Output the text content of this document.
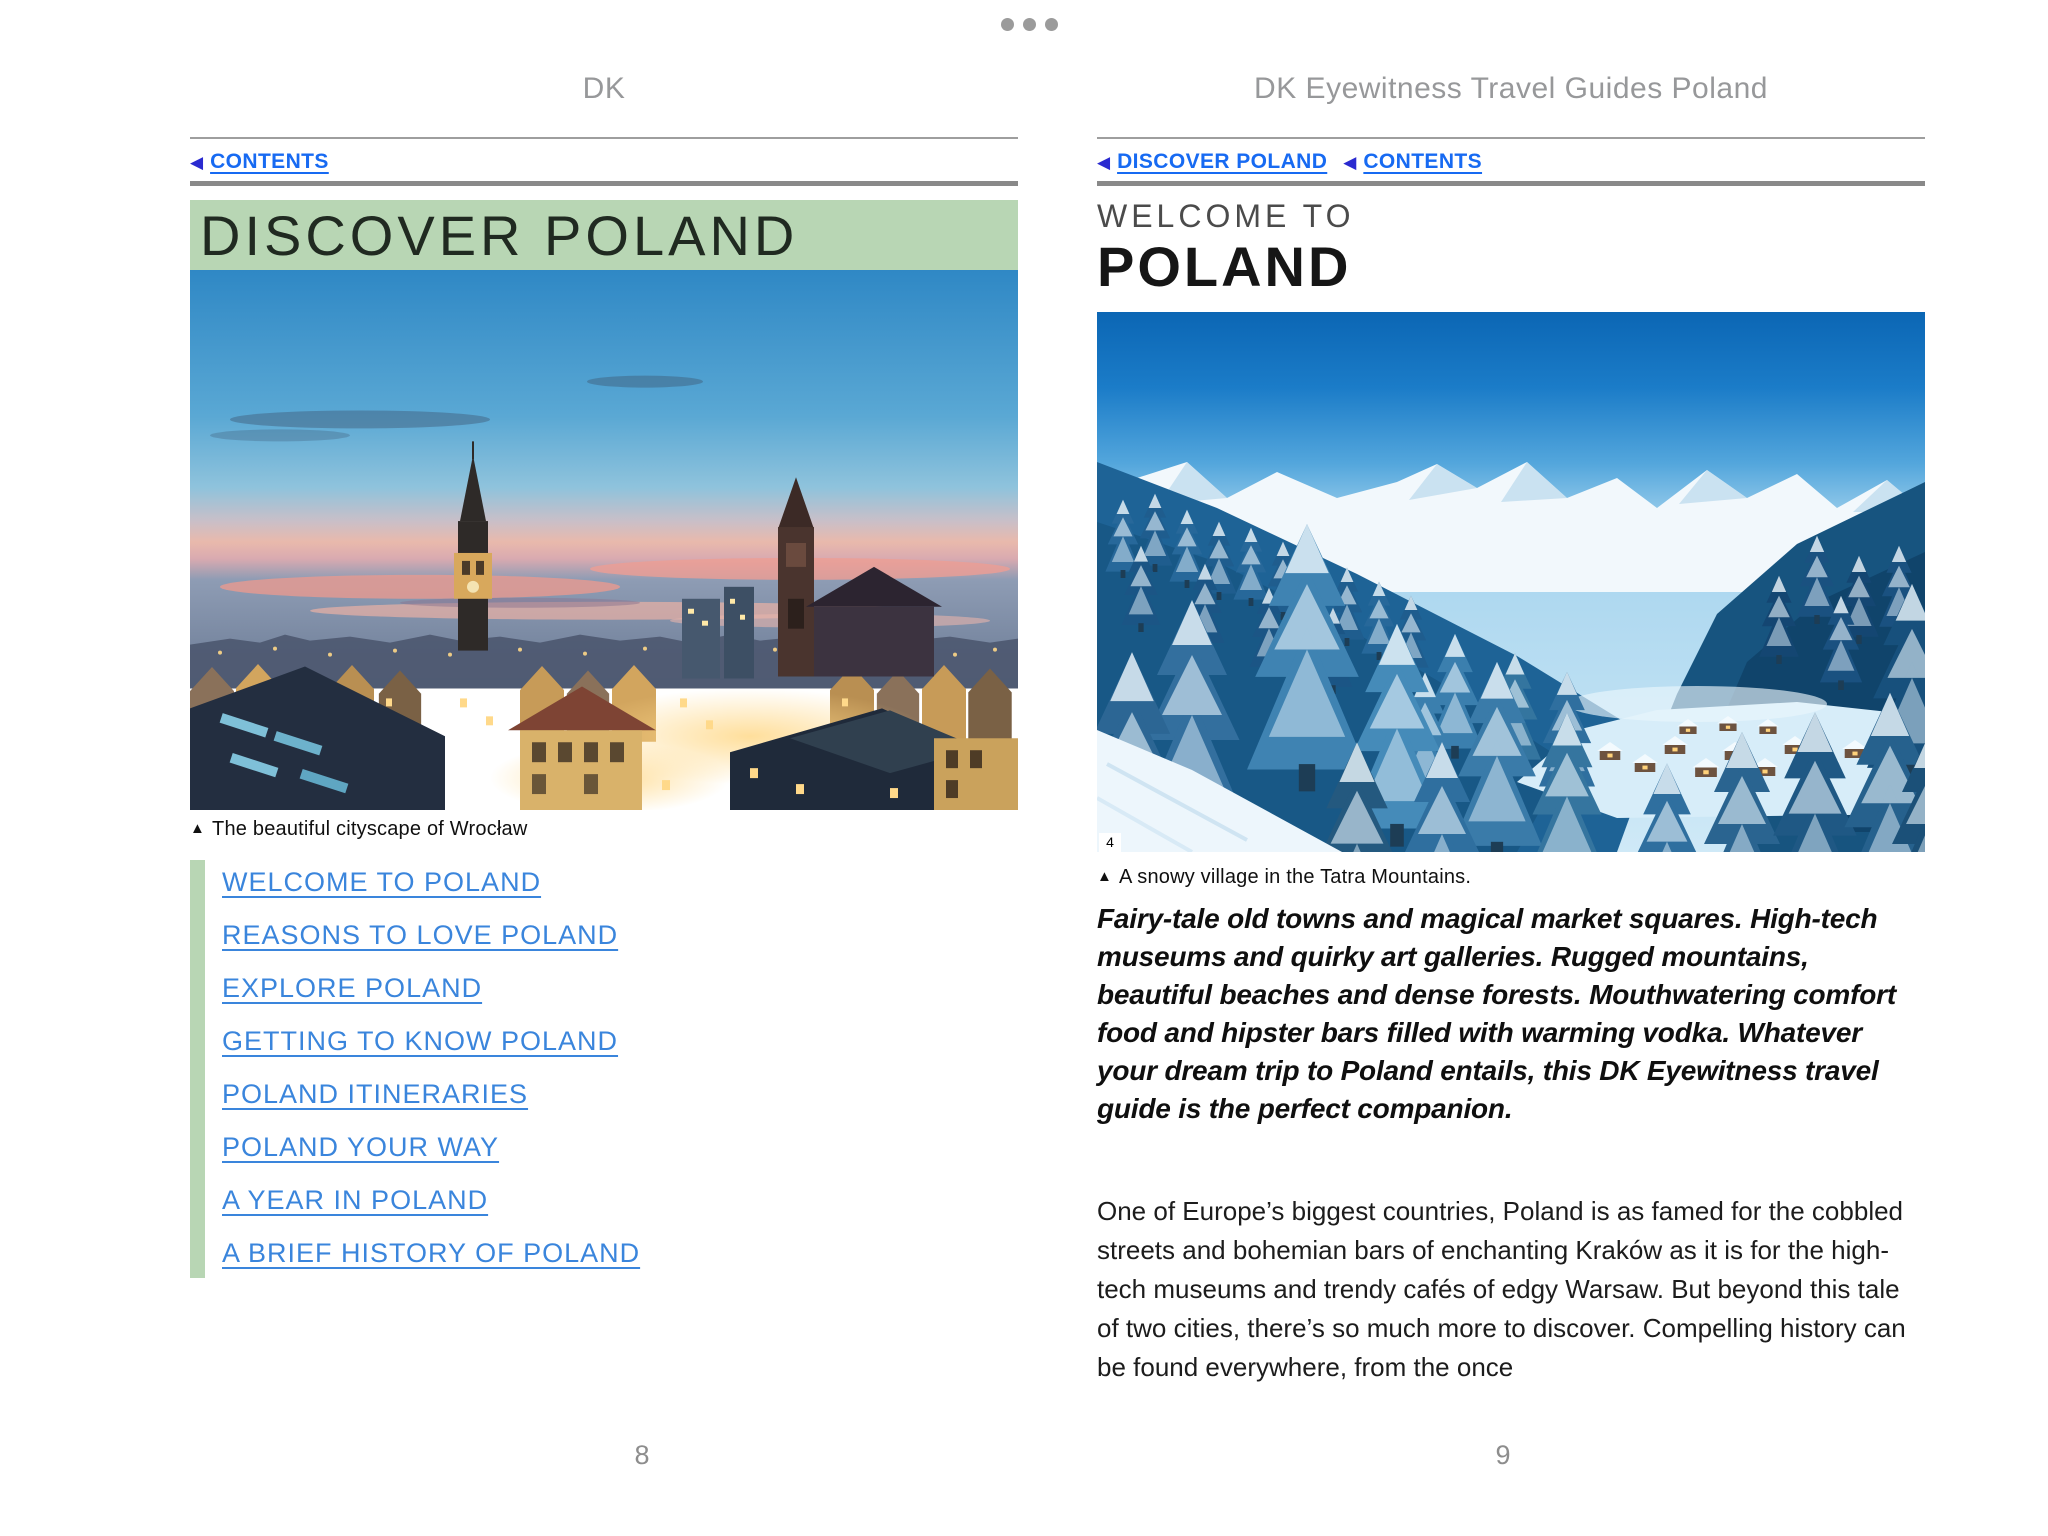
DK
◀ CONTENTS
DISCOVER POLAND
▲ The beautiful cityscape of Wrocław
WELCOME TO POLAND
REASONS TO LOVE POLAND
EXPLORE POLAND
GETTING TO KNOW POLAND
POLAND ITINERARIES
POLAND YOUR WAY
A YEAR IN POLAND
A BRIEF HISTORY OF POLAND
8
DK Eyewitness Travel Guides Poland
◀ DISCOVER POLAND ◀ CONTENTS
WELCOME TO
POLAND
4
▲ A snowy village in the Tatra Mountains.

Fairy-tale old towns and magical market squares. High-tech museums and quirky art galleries. Rugged mountains, beautiful beaches and dense forests. Mouthwatering comfort food and hipster bars filled with warming vodka. Whatever your dream trip to Poland entails, this DK Eyewitness travel guide is the perfect companion.

One of Europe’s biggest countries, Poland is as famed for the cobbled streets and bohemian bars of enchanting Kraków as it is for the high-tech museums and trendy cafés of edgy Warsaw. But beyond this tale of two cities, there’s so much more to discover. Compelling history can be found everywhere, from the once

9
